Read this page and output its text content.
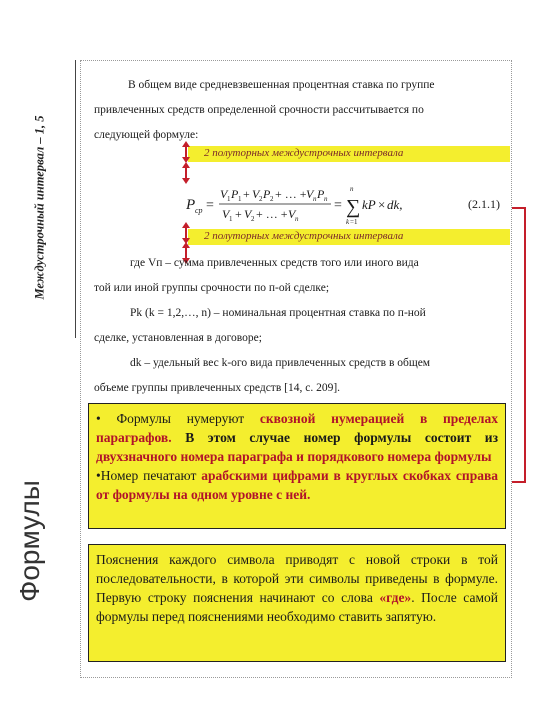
Междустрочный интервал – 1, 5
Формулы

В общем виде средневзвешенная процентная ставка по группе

привлеченных средств определенной срочности рассчитывается по

следующей формуле:

2 полуторных междустрочных интервала
P ср =
V 1 P 1 + V 2 P 2 + … + V n P n
V 1 + V 2 + … + V n
=
n
∑
k =1
kP × dk,	(2.1.1)
2 полуторных междустрочных интервала

где Vп – сумма привлеченных средств того или иного вида

той или иной группы срочности по п-ой сделке;

Pk (k = 1,2,…, n) – номинальная процентная ставка по п-ной

сделке, установленная в договоре;

dk – удельный вес k-ого вида привлеченных средств в общем

объеме группы привлеченных средств [14, с. 209].

• Формулы нумеруют сквозной нумерацией в пределах параграфов. В этом случае номер формулы состоит из двухзначного номера параграфа и порядкового номера формулы
•Номер печатают арабскими цифрами в круглых скобках справа от формулы на одном уровне с ней.
Пояснения каждого символа приводят с новой строки в той последовательности, в которой эти символы приведены в формуле. Первую строку пояснения начинают со слова «где». После самой формулы перед пояснениями необходимо ставить запятую.
